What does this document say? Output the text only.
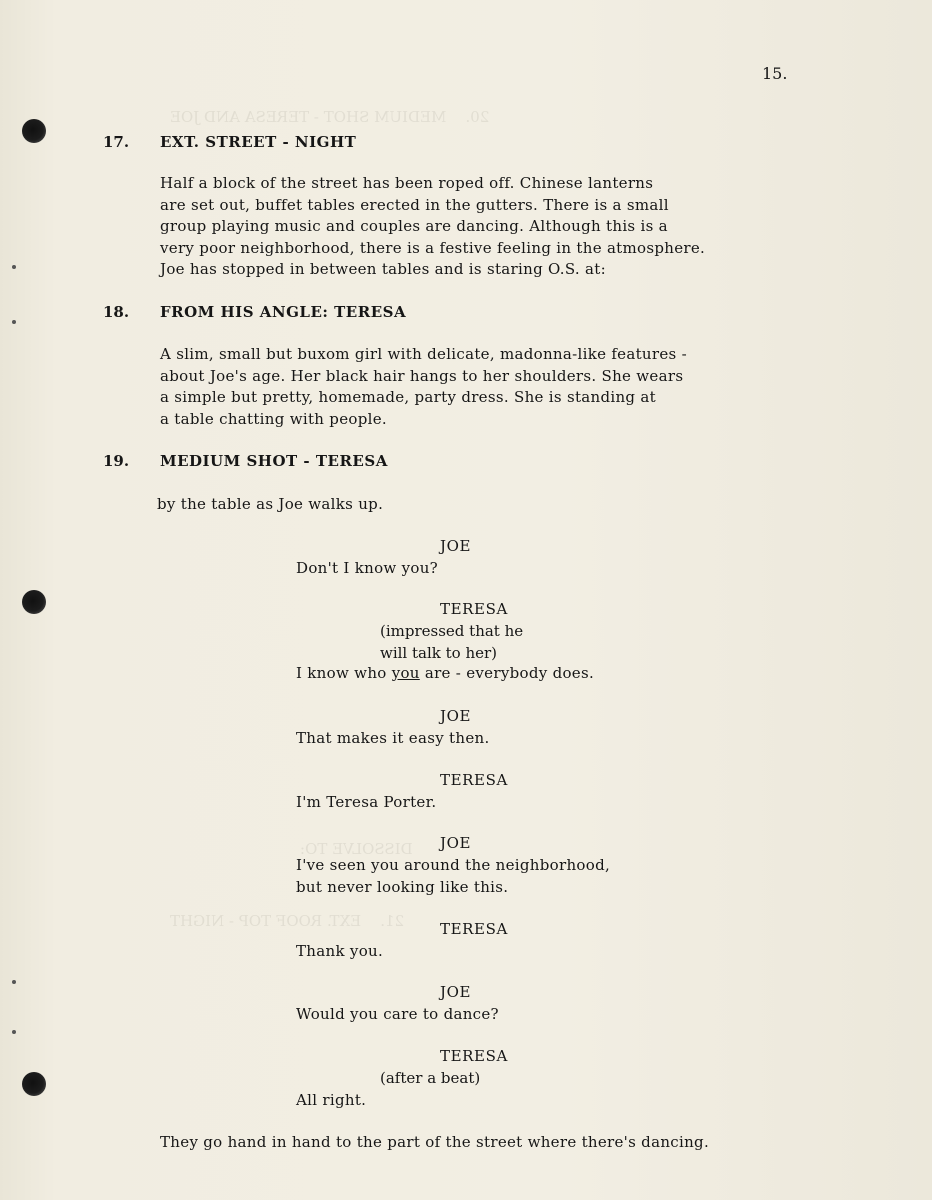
20.    MEDIUM SHOT - TERESA AND JOE
DISSOLVE TO:
21.    EXT. ROOF TOP - NIGHT
15.
17. EXT. STREET - NIGHT
Half a block of the street has been roped off. Chinese lanterns
are set out, buffet tables erected in the gutters. There is a small
group playing music and couples are dancing. Although this is a
very poor neighborhood, there is a festive feeling in the atmosphere.
Joe has stopped in between tables and is staring O.S. at:
18. FROM HIS ANGLE: TERESA
A slim, small but buxom girl with delicate, madonna-like features -
about Joe's age. Her black hair hangs to her shoulders. She wears
a simple but pretty, homemade, party dress. She is standing at
a table chatting with people.
19. MEDIUM SHOT - TERESA
by the table as Joe walks up.
JOE
Don't I know you?
TERESA
(impressed that he
will talk to her)
I know who you are - everybody does.
JOE
That makes it easy then.
TERESA
I'm Teresa Porter.
JOE
I've seen you around the neighborhood,
but never looking like this.
TERESA
Thank you.
JOE
Would you care to dance?
TERESA
(after a beat)
All right.
They go hand in hand to the part of the street where there's dancing.
